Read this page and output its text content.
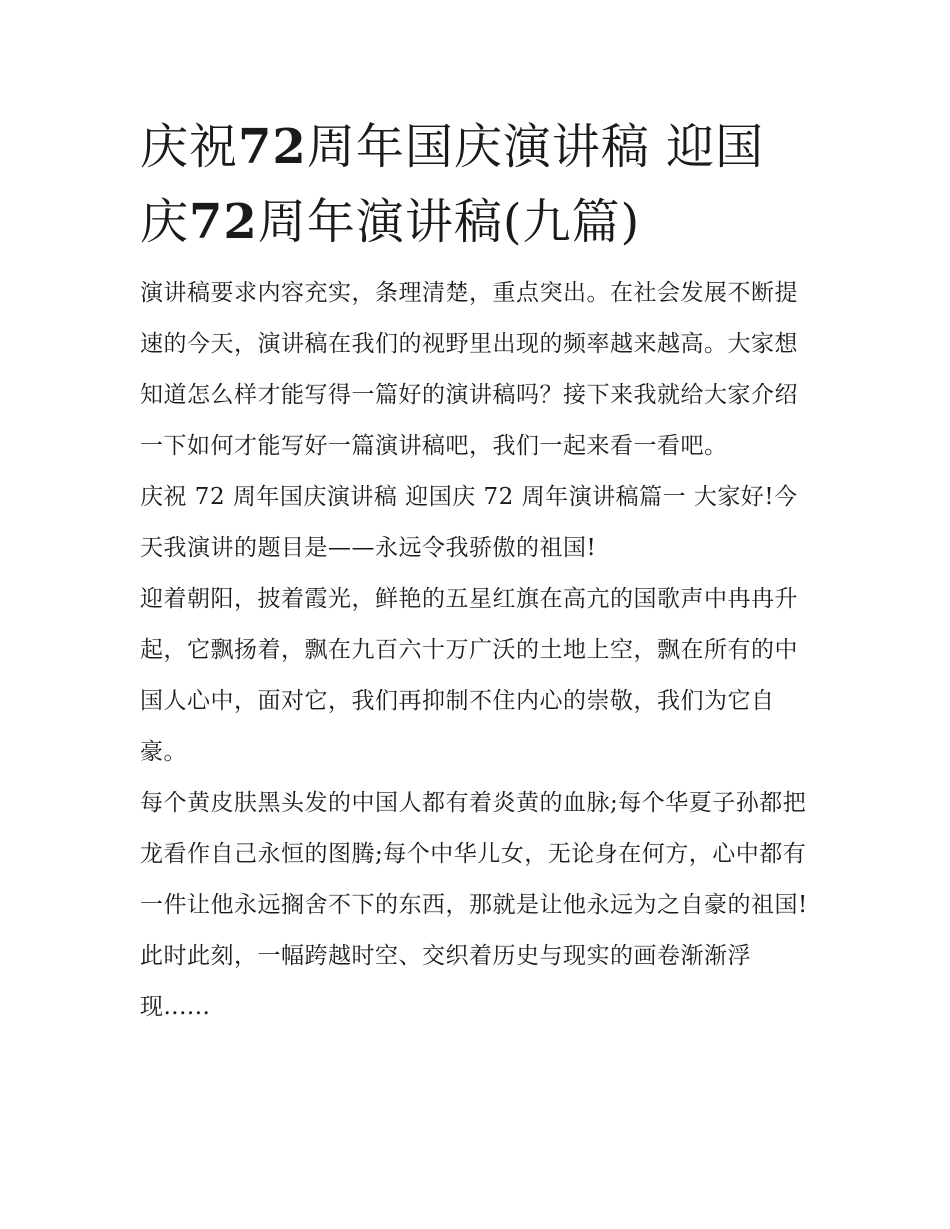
庆祝72周年国庆演讲稿 迎国庆72周年演讲稿(九篇)

演讲稿要求内容充实，条理清楚，重点突出。在社会发展不断提速的今天，演讲稿在我们的视野里出现的频率越来越高。大家想知道怎么样才能写得一篇好的演讲稿吗？接下来我就给大家介绍一下如何才能写好一篇演讲稿吧，我们一起来看一看吧。

庆祝 72 周年国庆演讲稿 迎国庆 72 周年演讲稿篇一 大家好!今天我演讲的题目是——永远令我骄傲的祖国!

迎着朝阳，披着霞光，鲜艳的五星红旗在高亢的国歌声中冉冉升起，它飘扬着，飘在九百六十万广沃的土地上空，飘在所有的中国人心中，面对它，我们再抑制不住内心的崇敬，我们为它自豪。

每个黄皮肤黑头发的中国人都有着炎黄的血脉;每个华夏子孙都把龙看作自己永恒的图腾;每个中华儿女，无论身在何方，心中都有一件让他永远搁舍不下的东西，那就是让他永远为之自豪的祖国!此时此刻，一幅跨越时空、交织着历史与现实的画卷渐渐浮现......
